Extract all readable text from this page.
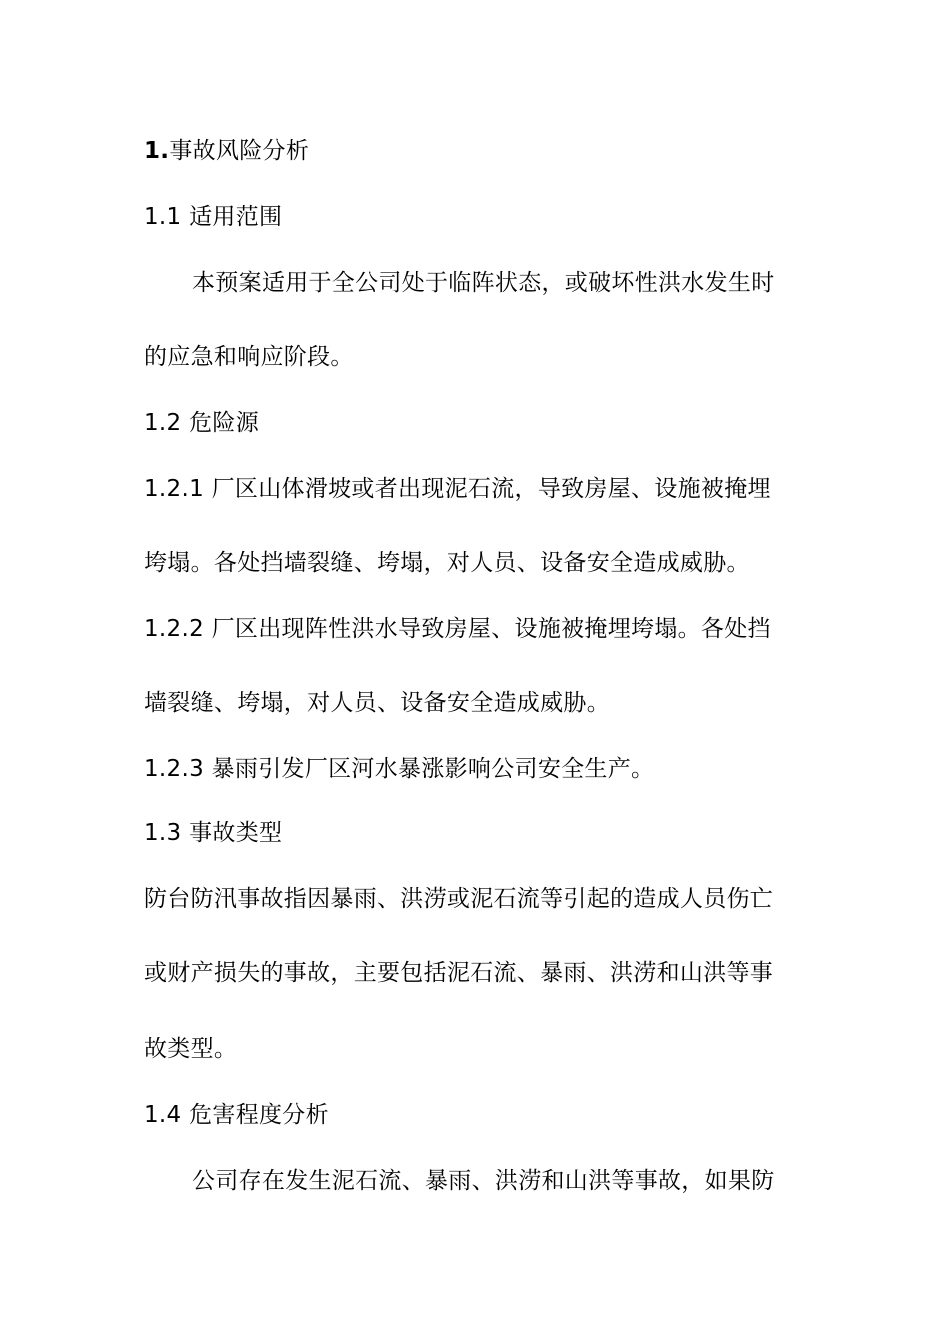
1.事故风险分析
1.1 适用范围
本预案适用于全公司处于临阵状态，或破坏性洪水发生时
的应急和响应阶段。
1.2 危险源
1.2.1 厂区山体滑坡或者出现泥石流，导致房屋、设施被掩埋
垮塌。各处挡墙裂缝、垮塌，对人员、设备安全造成威胁。
1.2.2 厂区出现阵性洪水导致房屋、设施被掩埋垮塌。各处挡
墙裂缝、垮塌，对人员、设备安全造成威胁。
1.2.3 暴雨引发厂区河水暴涨影响公司安全生产。
1.3 事故类型
防台防汛事故指因暴雨、洪涝或泥石流等引起的造成人员伤亡
或财产损失的事故，主要包括泥石流、暴雨、洪涝和山洪等事
故类型。
1.4 危害程度分析
公司存在发生泥石流、暴雨、洪涝和山洪等事故，如果防
